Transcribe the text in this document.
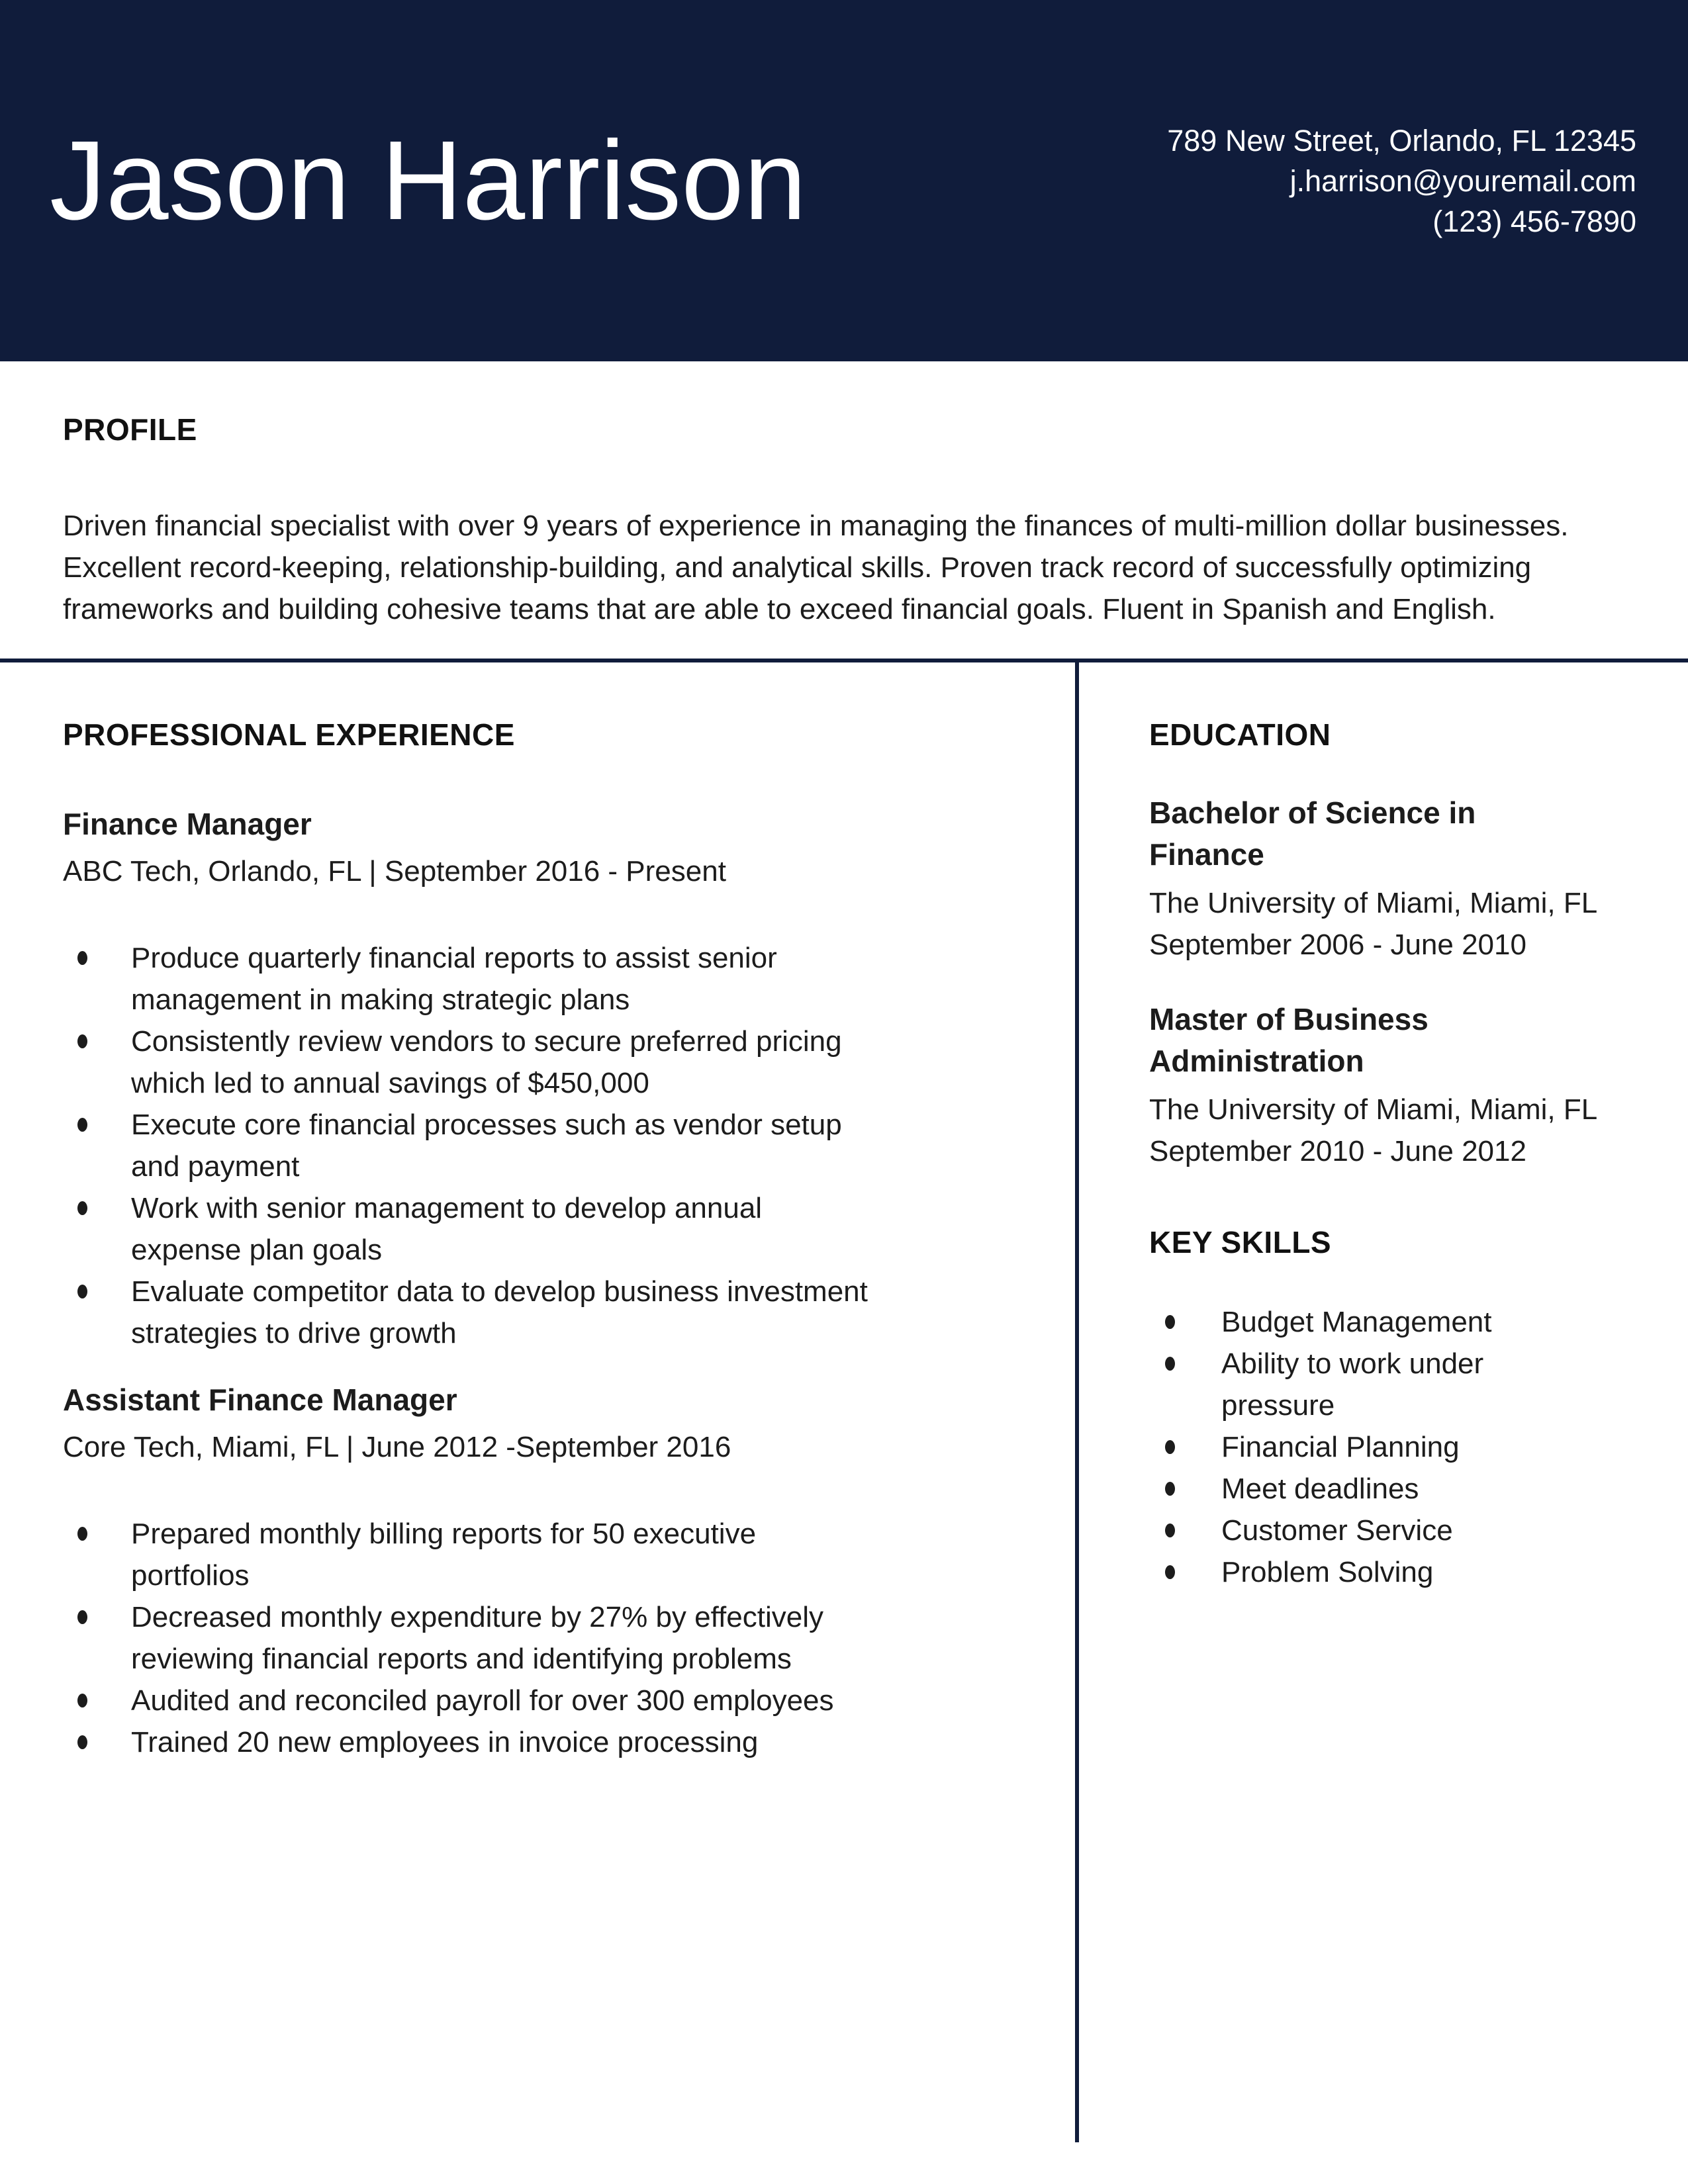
Jason Harrison	789 New Street, Orlando, FL 12345
j.harrison@youremail.com
(123) 456-7890
PROFILE

Driven financial specialist with over 9 years of experience in managing the finances of multi-million dollar businesses. Excellent record-keeping, relationship-building, and analytical skills. Proven track record of successfully optimizing frameworks and building cohesive teams that are able to exceed financial goals. Fluent in Spanish and English.

PROFESSIONAL EXPERIENCE
Finance Manager
ABC Tech, Orlando, FL | September 2016 - Present
Produce quarterly financial reports to assist senior management in making strategic plans
Consistently review vendors to secure preferred pricing which led to annual savings of $450,000
Execute core financial processes such as vendor setup and payment
Work with senior management to develop annual expense plan goals
Evaluate competitor data to develop business investment strategies to drive growth
Assistant Finance Manager
Core Tech, Miami, FL | June 2012 -September 2016
Prepared monthly billing reports for 50 executive portfolios
Decreased monthly expenditure by 27% by effectively reviewing financial reports and identifying problems
Audited and reconciled payroll for over 300 employees
Trained 20 new employees in invoice processing
EDUCATION
Bachelor of Science in Finance
The University of Miami, Miami, FL
September 2006 - June 2010
Master of Business Administration
The University of Miami, Miami, FL
September 2010 - June 2012
KEY SKILLS
Budget Management
Ability to work under pressure
Financial Planning
Meet deadlines
Customer Service
Problem Solving
